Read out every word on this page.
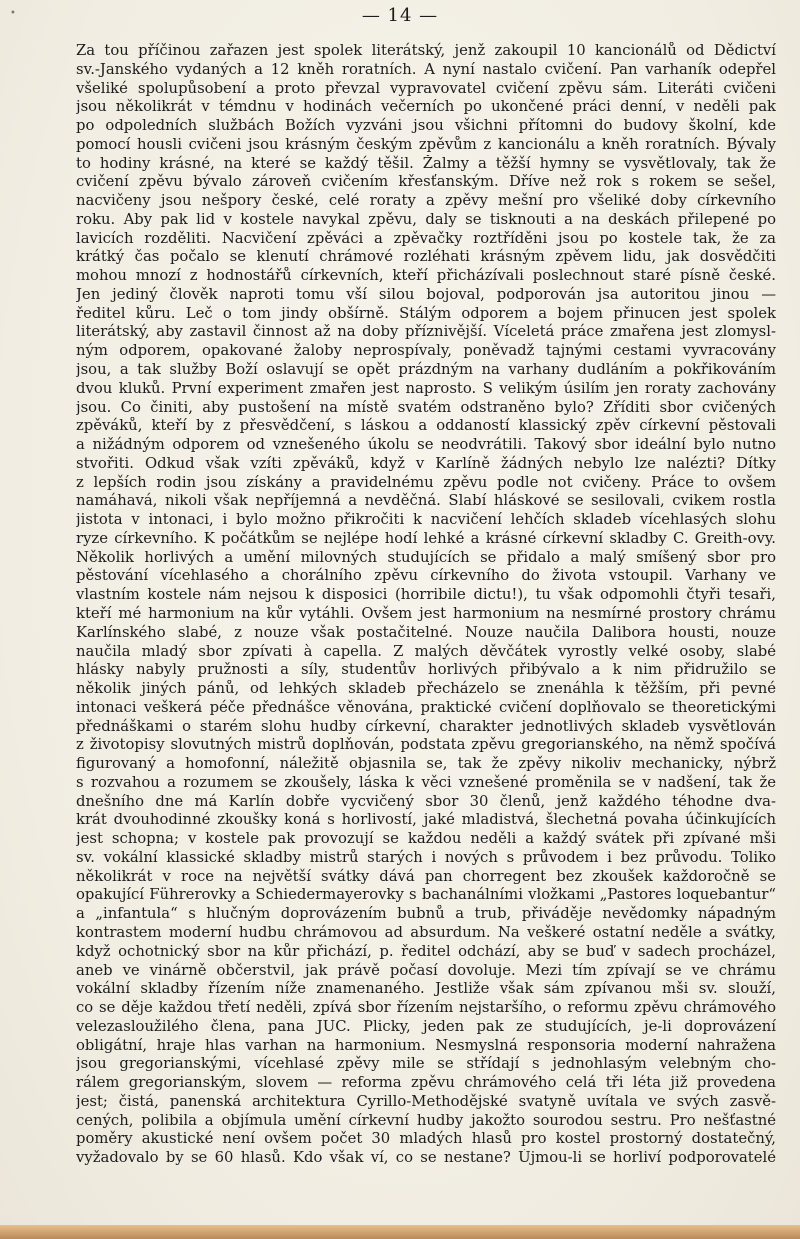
•	— 14 —
Za tou příčinou zařazen jest spolek literátský, jenž zakoupil 10 kancionálů od Dědictví
sv.-Janského vydaných a 12 kněh roratních. A nyní nastalo cvičení. Pan varhaník odepřel
všeliké spolupůsobení a proto převzal vypravovatel cvičení zpěvu sám. Literáti cvičeni
jsou několikrát v témdnu v hodinách večerních po ukončené práci denní, v neděli pak
po odpoledních službách Božích vyzváni jsou všichni přítomni do budovy školní, kde
pomocí housli cvičeni jsou krásným českým zpěvům z kancionálu a kněh roratních. Bývaly
to hodiny krásné, na které se každý těšil. Žalmy a těžší hymny se vysvětlovaly, tak že
cvičení zpěvu bývalo zároveň cvičením křesťanským. Dříve než rok s rokem se sešel,
nacvičeny jsou nešpory české, celé roraty a zpěvy mešní pro všeliké doby církevního
roku. Aby pak lid v kostele navykal zpěvu, daly se tisknouti a na deskách přilepené po
lavicích rozděliti. Nacvičení zpěváci a zpěvačky roztříděni jsou po kostele tak, že za
krátký čas počalo se klenutí chrámové rozléhati krásným zpěvem lidu, jak dosvědčiti
mohou mnozí z hodnostářů církevních, kteří přicházívali poslechnout staré písně české.
Jen jediný člověk naproti tomu vší silou bojoval, podporován jsa autoritou jinou —
ředitel kůru. Leč o tom jindy obšírně. Stálým odporem a bojem přinucen jest spolek
literátský, aby zastavil činnost až na doby příznivější. Víceletá práce zmařena jest zlomysl-
ným odporem, opakované žaloby neprospívaly, poněvadž tajnými cestami vyvracovány
jsou, a tak služby Boží oslavují se opět prázdným na varhany dudláním a pokřikováním
dvou kluků. První experiment zmařen jest naprosto. S velikým úsilím jen roraty zachovány
jsou. Co činiti, aby pustošení na místě svatém odstraněno bylo? Zříditi sbor cvičených
zpěváků, kteří by z přesvědčení, s láskou a oddaností klassický zpěv církevní pěstovali
a nižádným odporem od vznešeného úkolu se neodvrátili. Takový sbor ideální bylo nutno
stvořiti. Odkud však vzíti zpěváků, když v Karlíně žádných nebylo lze nalézti? Dítky
z lepších rodin jsou získány a pravidelnému zpěvu podle not cvičeny. Práce to ovšem
namáhavá, nikoli však nepříjemná a nevděčná. Slabí hláskové se sesilovali, cvikem rostla
jistota v intonaci, i bylo možno přikročiti k nacvičení lehčích skladeb vícehlasých slohu
ryze církevního. K počátkům se nejlépe hodí lehké a krásné církevní skladby C. Greith-ovy.
Několik horlivých a umění milovných studujících se přidalo a malý smíšený sbor pro
pěstování vícehlasého a chorálního zpěvu církevního do života vstoupil. Varhany ve
vlastním kostele nám nejsou k disposici (horribile dictu!), tu však odpomohli čtyři tesaři,
kteří mé harmonium na kůr vytáhli. Ovšem jest harmonium na nesmírné prostory chrámu
Karlínského slabé, z nouze však postačitelné. Nouze naučila Dalibora housti, nouze
naučila mladý sbor zpívati à capella. Z malých děvčátek vyrostly velké osoby, slabé
hlásky nabyly pružnosti a síly, studentův horlivých přibývalo a k nim přidružilo se
několik jiných pánů, od lehkých skladeb přecházelo se znenáhla k těžším, při pevné
intonaci veškerá péče přednášce věnována, praktické cvičení doplňovalo se theoretickými
přednáškami o starém slohu hudby církevní, charakter jednotlivých skladeb vysvětlován
z životopisy slovutných mistrů doplňován, podstata zpěvu gregorianského, na němž spočívá
figurovaný a homofonní, náležitě objasnila se, tak že zpěvy nikoliv mechanicky, nýbrž
s rozvahou a rozumem se zkoušely, láska k věci vznešené proměnila se v nadšení, tak že
dnešního dne má Karlín dobře vycvičený sbor 30 členů, jenž každého téhodne dva-
krát dvouhodinné zkoušky koná s horlivostí, jaké mladistvá, šlechetná povaha účinkujících
jest schopna; v kostele pak provozují se každou neděli a každý svátek při zpívané mši
sv. vokální klassické skladby mistrů starých i nových s průvodem i bez průvodu. Toliko
několikrát v roce na největší svátky dává pan chorregent bez zkoušek každoročně se
opakující Führerovky a Schiedermayerovky s bachanálními vložkami „Pastores loquebantur“
a „infantula“ s hlučným doprovázením bubnů a trub, přiváděje nevědomky nápadným
kontrastem moderní hudbu chrámovou ad absurdum. Na veškeré ostatní neděle a svátky,
když ochotnický sbor na kůr přichází, p. ředitel odchází, aby se buď v sadech procházel,
aneb ve vinárně občerstvil, jak právě počasí dovoluje. Mezi tím zpívají se ve chrámu
vokální skladby řízením níže znamenaného. Jestliže však sám zpívanou mši sv. slouží,
co se děje každou třetí neděli, zpívá sbor řízením nejstaršího, o reformu zpěvu chrámového
velezasloužilého člena, pana JUC. Plicky, jeden pak ze studujících, je-li doprovázení
obligátní, hraje hlas varhan na harmonium. Nesmyslná responsoria moderní nahražena
jsou gregorianskými, vícehlasé zpěvy mile se střídají s jednohlasým velebným cho-
rálem gregorianským, slovem — reforma zpěvu chrámového celá tři léta již provedena
jest; čistá, panenská architektura Cyrillo-Methodějské svatyně uvítala ve svých zasvě-
cených, polibila a objímula umění církevní hudby jakožto sourodou sestru. Pro nešťastné
poměry akustické není ovšem počet 30 mladých hlasů pro kostel prostorný dostatečný,
vyžadovalo by se 60 hlasů. Kdo však ví, co se nestane? Újmou-li se horliví podporovatelé
